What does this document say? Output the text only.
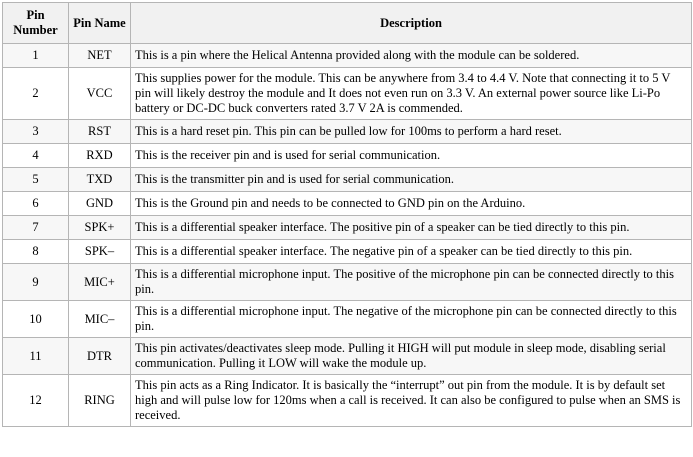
Pin Number	Pin Name	Description
1	NET	This is a pin where the Helical Antenna provided along with the module can be soldered.
2	VCC	This supplies power for the module. This can be anywhere from 3.4 to 4.4 V. Note that connecting it to 5 V pin will likely destroy the module and It does not even run on 3.3 V. An external power source like Li-Po battery or DC-DC buck converters rated 3.7 V 2A is commended.
3	RST	This is a hard reset pin. This pin can be pulled low for 100ms to perform a hard reset.
4	RXD	This is the receiver pin and is used for serial communication.
5	TXD	This is the transmitter pin and is used for serial communication.
6	GND	This is the Ground pin and needs to be connected to GND pin on the Arduino.
7	SPK+	This is a differential speaker interface. The positive pin of a speaker can be tied directly to this pin.
8	SPK–	This is a differential speaker interface. The negative pin of a speaker can be tied directly to this pin.
9	MIC+	This is a differential microphone input. The positive of the microphone pin can be connected directly to this pin.
10	MIC–	This is a differential microphone input. The negative of the microphone pin can be connected directly to this pin.
11	DTR	This pin activates/deactivates sleep mode. Pulling it HIGH will put module in sleep mode, disabling serial communication. Pulling it LOW will wake the module up.
12	RING	This pin acts as a Ring Indicator. It is basically the “interrupt” out pin from the module. It is by default set high and will pulse low for 120ms when a call is received. It can also be configured to pulse when an SMS is received.
